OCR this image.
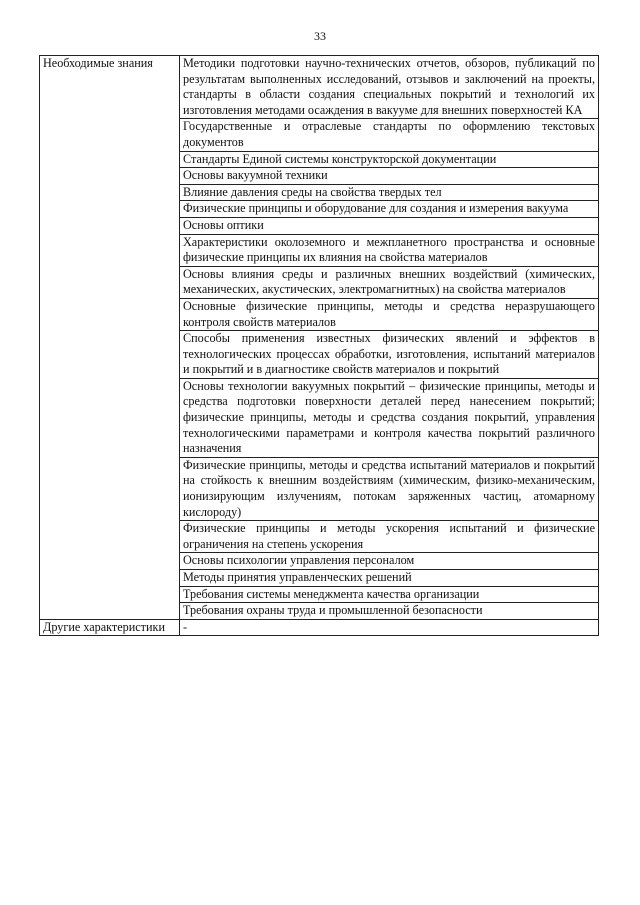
33
Необходимые знания	Методики подготовки научно-технических отчетов, обзоров, публикаций по результатам выполненных исследований, отзывов и заключений на проекты, стандарты в области создания специальных покрытий и технологий их изготовления методами осаждения в вакууме для внешних поверхностей КА

	Государственные и отраслевые стандарты по оформлению текстовых документов

	Стандарты Единой системы конструкторской документации

	Основы вакуумной техники

	Влияние давления среды на свойства твердых тел

	Физические принципы и оборудование для создания и измерения вакуума

	Основы оптики

	Характеристики околоземного и межпланетного пространства и основные физические принципы их влияния на свойства материалов

	Основы влияния среды и различных внешних воздействий (химических, механических, акустических, электромагнитных) на свойства материалов

	Основные физические принципы, методы и средства неразрушающего контроля свойств материалов

	Способы применения известных физических явлений и эффектов в технологических процессах обработки, изготовления, испытаний материалов и покрытий и в диагностике свойств материалов и покрытий

	Основы технологии вакуумных покрытий – физические принципы, методы и средства подготовки поверхности деталей перед нанесением покрытий; физические принципы, методы и средства создания покрытий, управления технологическими параметрами и контроля качества покрытий различного назначения

	Физические принципы, методы и средства испытаний материалов и покрытий на стойкость к внешним воздействиям (химическим, физико-механическим, ионизирующим излучениям, потокам заряженных частиц, атомарному кислороду)

	Физические принципы и методы ускорения испытаний и физические ограничения на степень ускорения

	Основы психологии управления персоналом

	Методы принятия управленческих решений

	Требования системы менеджмента качества организации

	Требования охраны труда и промышленной безопасности

Другие характеристики	-
